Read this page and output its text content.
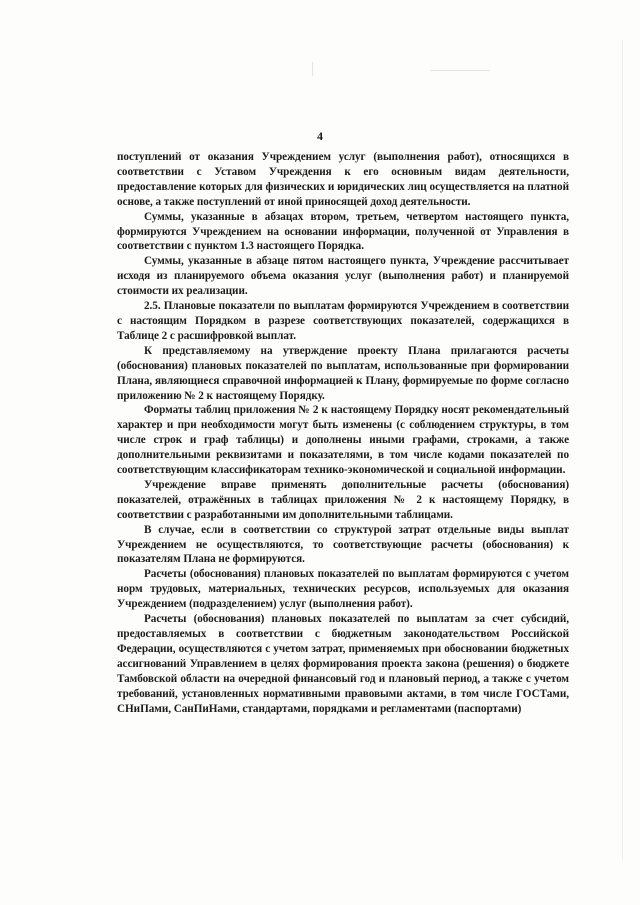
4

поступлений от оказания Учреждением услуг (выполнения работ), относящихся в соответствии с Уставом Учреждения к его основным видам деятельности, предоставление которых для физических и юридических лиц осуществляется на платной основе, а также поступлений от иной приносящей доход деятельности.

Суммы, указанные в абзацах втором, третьем, четвертом настоящего пункта, формируются Учреждением на основании информации, полученной от Управления в соответствии с пунктом 1.3 настоящего Порядка.

Суммы, указанные в абзаце пятом настоящего пункта, Учреждение рассчитывает исходя из планируемого объема оказания услуг (выполнения работ) и планируемой стоимости их реализации.

2.5. Плановые показатели по выплатам формируются Учреждением в соответствии с настоящим Порядком в разрезе соответствующих показателей, содержащихся в Таблице 2 с расшифровкой выплат.

К представляемому на утверждение проекту Плана прилагаются расчеты (обоснования) плановых показателей по выплатам, использованные при формировании Плана, являющиеся справочной информацией к Плану, формируемые по форме согласно приложению № 2 к настоящему Порядку.

Форматы таблиц приложения № 2 к настоящему Порядку носят рекомендательный характер и при необходимости могут быть изменены (с соблюдением структуры, в том числе строк и граф таблицы) и дополнены иными графами, строками, а также дополнительными реквизитами и показателями, в том числе кодами показателей по соответствующим классификаторам технико-экономической и социальной информации.

Учреждение вправе применять дополнительные расчеты (обоснования) показателей, отражённых в таблицах приложения № 2 к настоящему Порядку, в соответствии с разработанными им дополнительными таблицами.

В случае, если в соответствии со структурой затрат отдельные виды выплат Учреждением не осуществляются, то соответствующие расчеты (обоснования) к показателям Плана не формируются.

Расчеты (обоснования) плановых показателей по выплатам формируются с учетом норм трудовых, материальных, технических ресурсов, используемых для оказания Учреждением (подразделением) услуг (выполнения работ).

Расчеты (обоснования) плановых показателей по выплатам за счет субсидий, предоставляемых в соответствии с бюджетным законодательством Российской Федерации, осуществляются с учетом затрат, применяемых при обосновании бюджетных ассигнований Управлением в целях формирования проекта закона (решения) о бюджете Тамбовской области на очередной финансовый год и плановый период, а также с учетом требований, установленных нормативными правовыми актами, в том числе ГОСТами, СНиПами, СанПиНами, стандартами, порядками и регламентами (паспортами)
